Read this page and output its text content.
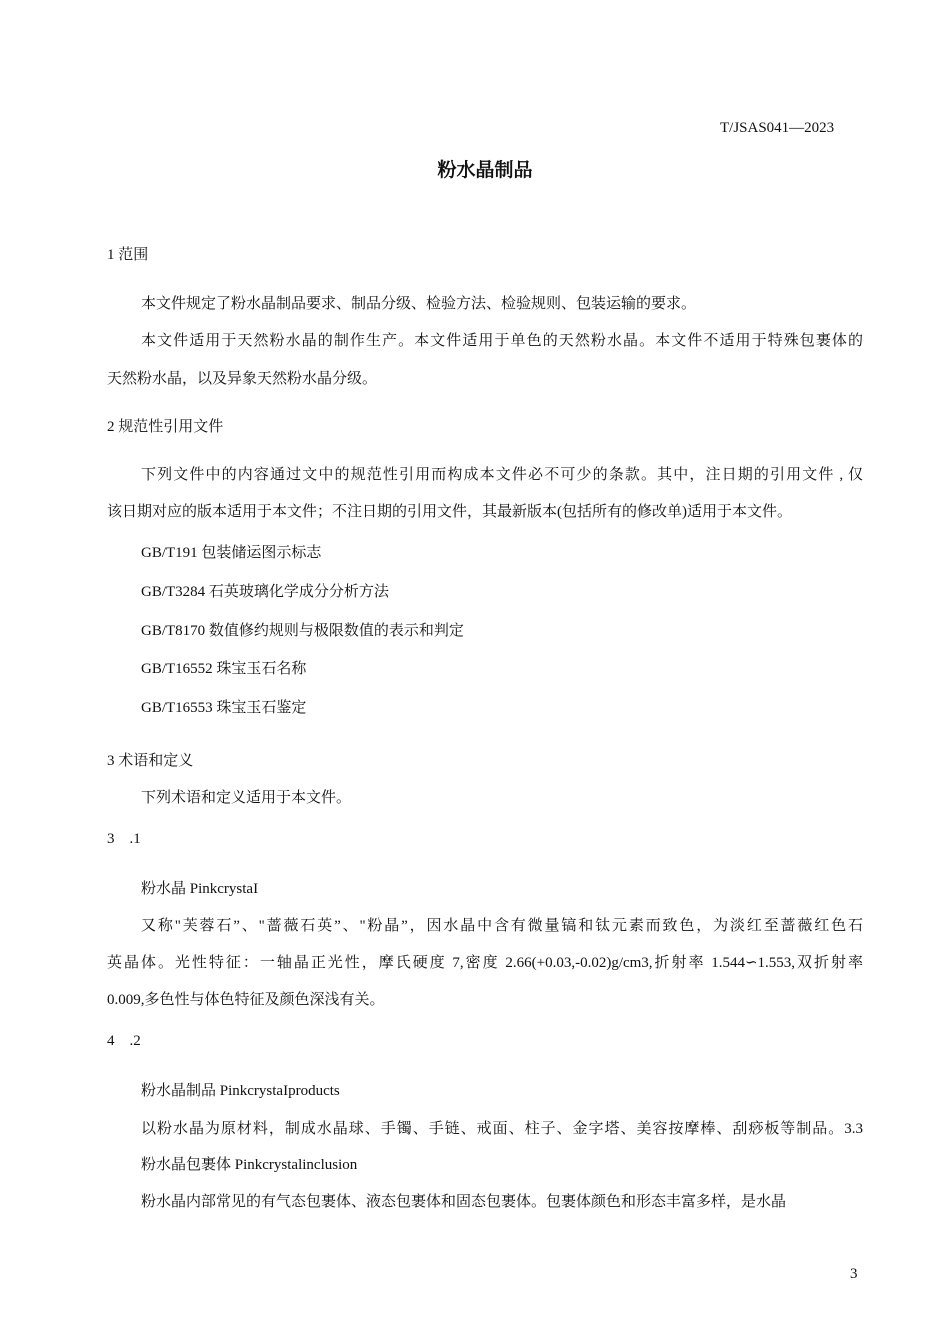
T/JSAS041—2023
粉水晶制品
1 范围
本文件规定了粉水晶制品要求、制品分级、检验方法、检验规则、包装运输的要求。
本文件适用于天然粉水晶的制作生产。本文件适用于单色的天然粉水晶。本文件不适用于特殊包裹体的
天然粉水晶，以及异象天然粉水晶分级。
2 规范性引用文件
下列文件中的内容通过文中的规范性引用而构成本文件必不可少的条款。其中，注日期的引用文件 , 仅
该日期对应的版本适用于本文件；不注日期的引用文件，其最新版本(包括所有的修改单)适用于本文件。
GB/T191 包装储运图示标志
GB/T3284 石英玻璃化学成分分析方法
GB/T8170 数值修约规则与极限数值的表示和判定
GB/T16552 珠宝玉石名称
GB/T16553 珠宝玉石鉴定
3 术语和定义
下列术语和定义适用于本文件。
3　.1
粉水晶 PinkcrystaI
又称"芙蓉石”、"蔷薇石英”、"粉晶”，因水晶中含有微量镐和钛元素而致色，为淡红至蔷薇红色石
英晶体。光性特征：一轴晶正光性，摩氏硬度 7,密度 2.66(+0.03,-0.02)g/cm3,折射率 1.544∽1.553,双折射率
0.009,多色性与体色特征及颜色深浅有关。
4　.2
粉水晶制品 PinkcrystaIproducts
以粉水晶为原材料，制成水晶球、手镯、手链、戒面、柱子、金字塔、美容按摩棒、刮痧板等制品。3.3
粉水晶包裹体 Pinkcrystalinclusion
粉水晶内部常见的有气态包裹体、液态包裹体和固态包裹体。包裹体颜色和形态丰富多样，是水晶
3
